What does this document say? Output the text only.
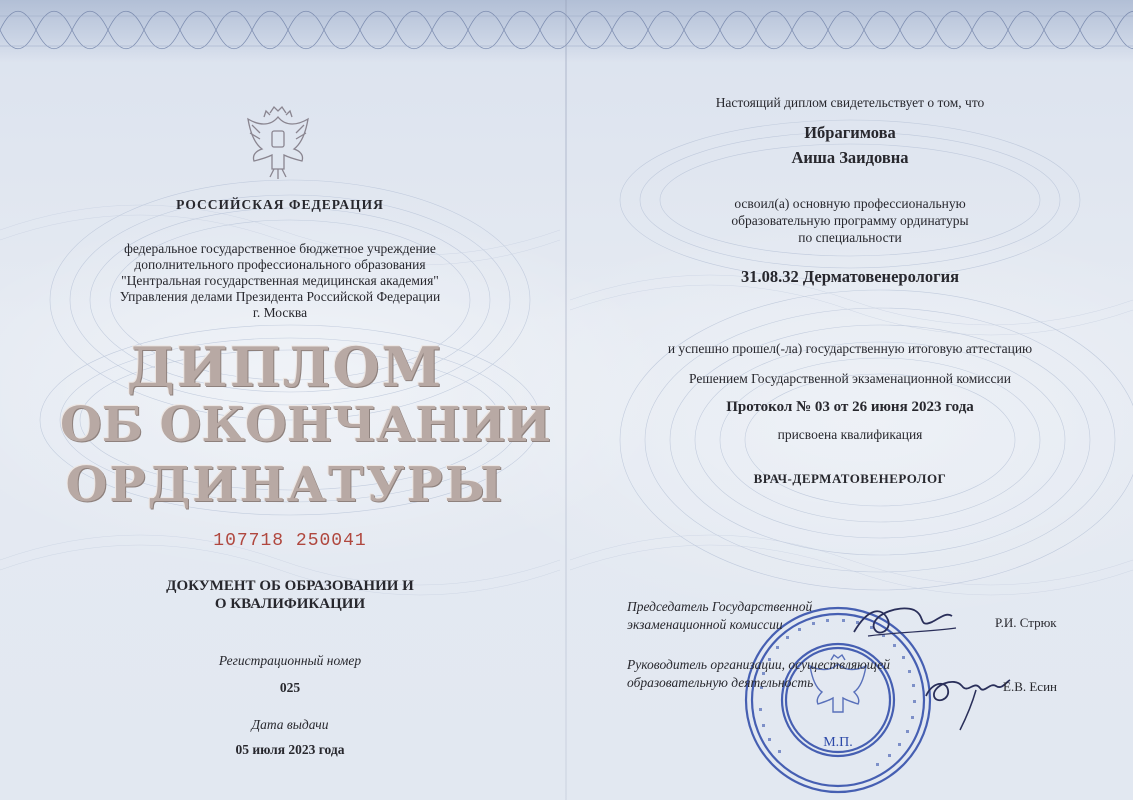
РОССИЙСКАЯ ФЕДЕРАЦИЯ
федеральное государственное бюджетное учреждение
дополнительного профессионального образования
"Центральная государственная медицинская академия"
Управления делами Президента Российской Федерации
г. Москва
ДИПЛОМ
ОБ ОКОНЧАНИИ
ОРДИНАТУРЫ
107718 250041
ДОКУМЕНТ ОБ ОБРАЗОВАНИИ И
О КВАЛИФИКАЦИИ
Регистрационный номер
025
Дата выдачи
05 июля 2023 года
Настоящий диплом свидетельствует о том, что
Ибрагимова
Аиша Заидовна
освоил(а) основную профессиональную
образовательную программу ординатуры
по специальности
31.08.32 Дерматовенерология
и успешно прошел(-ла) государственную итоговую аттестацию
Решением Государственной экзаменационной комиссии
Протокол № 03 от 26 июня 2023 года
присвоена квалификация
ВРАЧ-ДЕРМАТОВЕНЕРОЛОГ
М.П.
Председатель Государственной
экзаменационной комиссии	Р.И. Стрюк
Руководитель организации, осуществляющей
образовательную деятельность	Е.В. Есин
